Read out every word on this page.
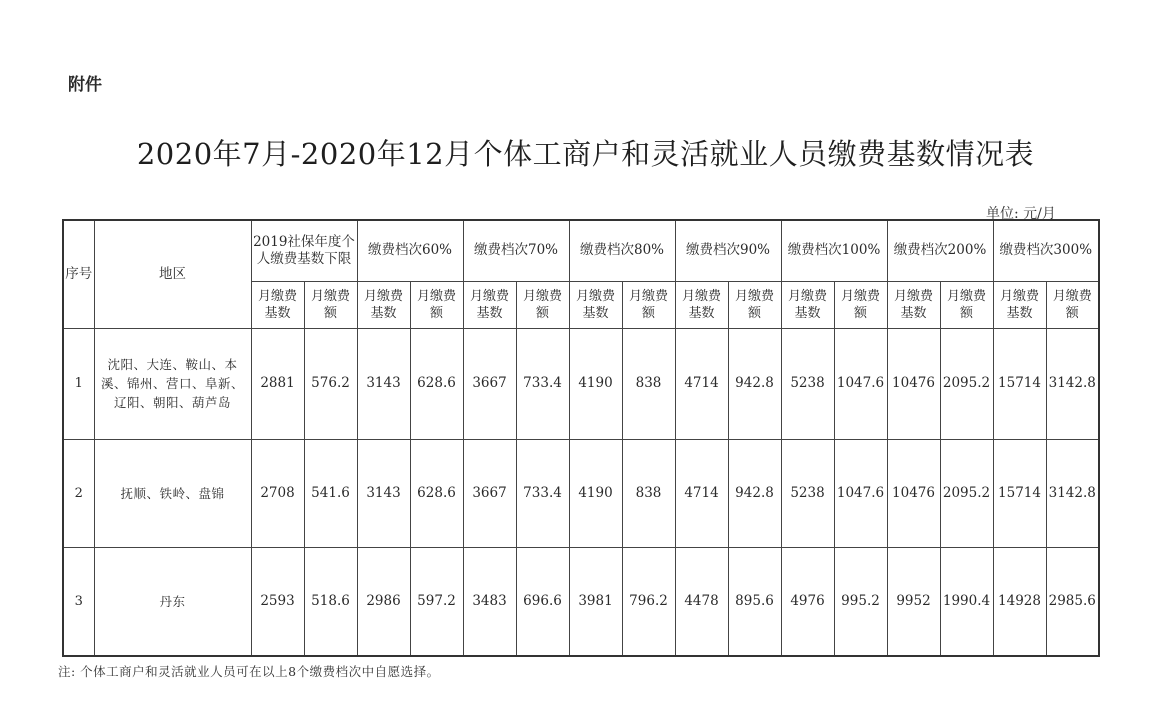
附件
2020年7月-2020年12月个体工商户和灵活就业人员缴费基数情况表
单位: 元/月
序号	地区	2019社保年度个人缴费基数下限		缴费档次60%		缴费档次70%		缴费档次80%		缴费档次90%		缴费档次100%		缴费档次200%		缴费档次300%	
		月缴费基数	月缴费额	月缴费基数	月缴费额	月缴费基数	月缴费额	月缴费基数	月缴费额	月缴费基数	月缴费额	月缴费基数	月缴费额	月缴费基数	月缴费额	月缴费基数	月缴费额
1	沈阳、大连、鞍山、本溪、锦州、营口、阜新、辽阳、朝阳、葫芦岛	2881	576.2	3143	628.6	3667	733.4	4190	838	4714	942.8	5238	1047.6	10476	2095.2	15714	3142.8
2	抚顺、铁岭、盘锦	2708	541.6	3143	628.6	3667	733.4	4190	838	4714	942.8	5238	1047.6	10476	2095.2	15714	3142.8
3	丹东	2593	518.6	2986	597.2	3483	696.6	3981	796.2	4478	895.6	4976	995.2	9952	1990.4	14928	2985.6
注: 个体工商户和灵活就业人员可在以上8个缴费档次中自愿选择。
